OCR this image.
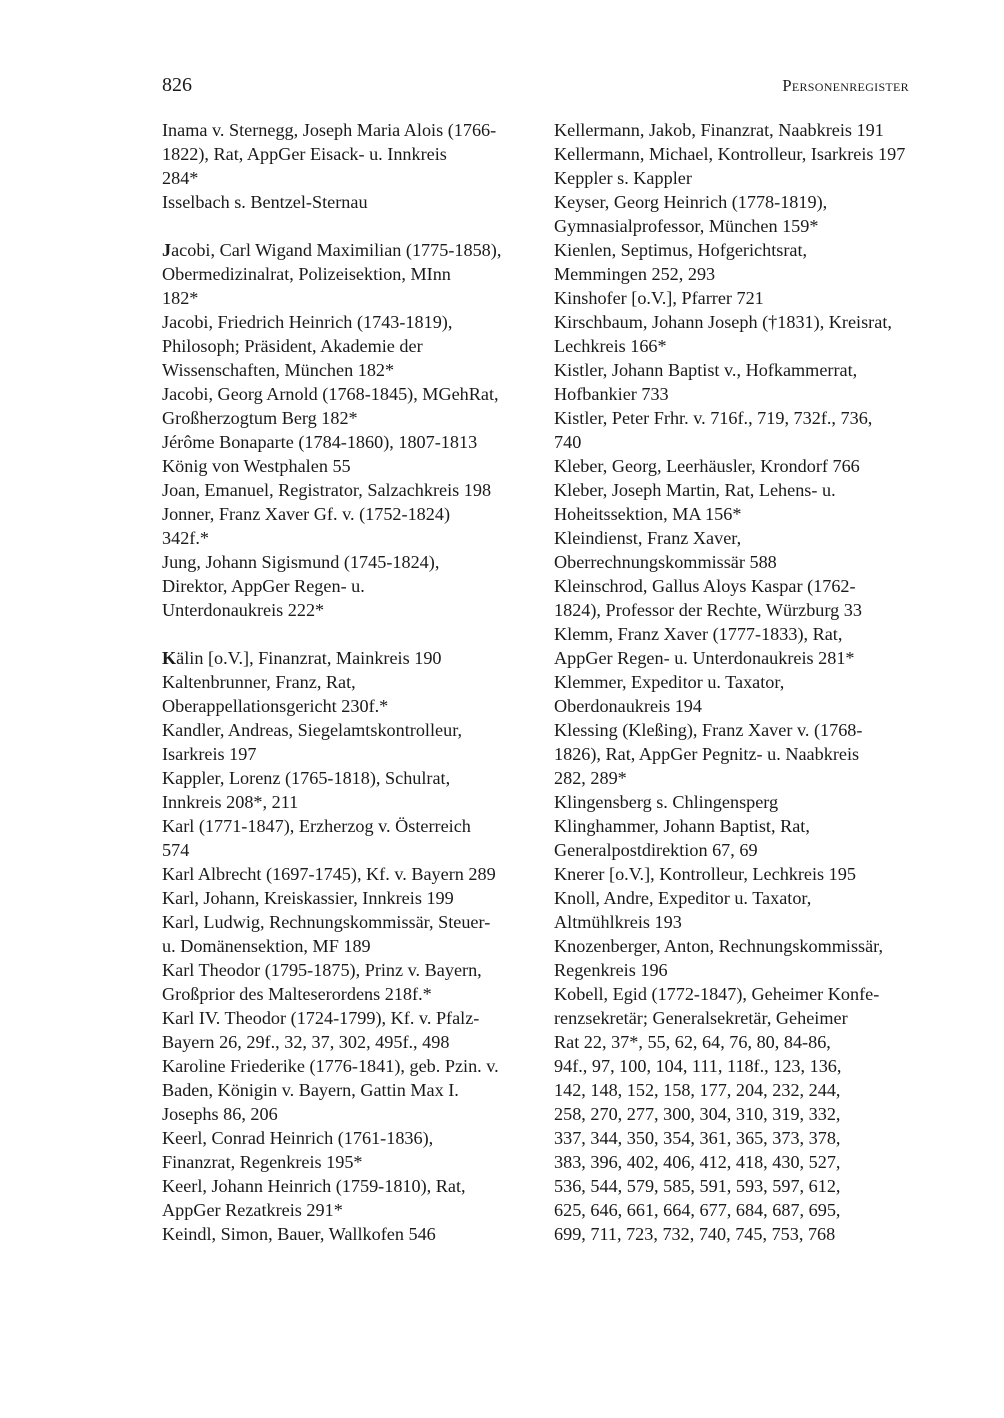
826	Personenregister
Inama v. Sternegg, Joseph Maria Alois (1766-
1822), Rat, AppGer Eisack- u. Innkreis
284*
Isselbach s. Bentzel-Sternau
Jacobi, Carl Wigand Maximilian (1775-1858),
Obermedizinalrat, Polizeisektion, MInn
182*
Jacobi, Friedrich Heinrich (1743-1819),
Philosoph; Präsident, Akademie der
Wissenschaften, München 182*
Jacobi, Georg Arnold (1768-1845), MGehRat,
Großherzogtum Berg 182*
Jérôme Bonaparte (1784-1860), 1807-1813
König von Westphalen 55
Joan, Emanuel, Registrator, Salzachkreis 198
Jonner, Franz Xaver Gf. v. (1752-1824)
342f.*
Jung, Johann Sigismund (1745-1824),
Direktor, AppGer Regen- u.
Unterdonaukreis 222*
Kälin [o.V.], Finanzrat, Mainkreis 190
Kaltenbrunner, Franz, Rat,
Oberappellationsgericht 230f.*
Kandler, Andreas, Siegelamtskontrolleur,
Isarkreis 197
Kappler, Lorenz (1765-1818), Schulrat,
Innkreis 208*, 211
Karl (1771-1847), Erzherzog v. Österreich
574
Karl Albrecht (1697-1745), Kf. v. Bayern 289
Karl, Johann, Kreiskassier, Innkreis 199
Karl, Ludwig, Rechnungskommissär, Steuer-
u. Domänensektion, MF 189
Karl Theodor (1795-1875), Prinz v. Bayern,
Großprior des Malteserordens 218f.*
Karl IV. Theodor (1724-1799), Kf. v. Pfalz-
Bayern 26, 29f., 32, 37, 302, 495f., 498
Karoline Friederike (1776-1841), geb. Pzin. v.
Baden, Königin v. Bayern, Gattin Max I.
Josephs 86, 206
Keerl, Conrad Heinrich (1761-1836),
Finanzrat, Regenkreis 195*
Keerl, Johann Heinrich (1759-1810), Rat,
AppGer Rezatkreis 291*
Keindl, Simon, Bauer, Wallkofen 546
Kellermann, Jakob, Finanzrat, Naabkreis 191
Kellermann, Michael, Kontrolleur, Isarkreis 197
Keppler s. Kappler
Keyser, Georg Heinrich (1778-1819),
Gymnasialprofessor, München 159*
Kienlen, Septimus, Hofgerichtsrat,
Memmingen 252, 293
Kinshofer [o.V.], Pfarrer 721
Kirschbaum, Johann Joseph (†1831), Kreisrat,
Lechkreis 166*
Kistler, Johann Baptist v., Hofkammerrat,
Hofbankier 733
Kistler, Peter Frhr. v. 716f., 719, 732f., 736,
740
Kleber, Georg, Leerhäusler, Krondorf 766
Kleber, Joseph Martin, Rat, Lehens- u.
Hoheitssektion, MA 156*
Kleindienst, Franz Xaver,
Oberrechnungskommissär 588
Kleinschrod, Gallus Aloys Kaspar (1762-
1824), Professor der Rechte, Würzburg 33
Klemm, Franz Xaver (1777-1833), Rat,
AppGer Regen- u. Unterdonaukreis 281*
Klemmer, Expeditor u. Taxator,
Oberdonaukreis 194
Klessing (Kleßing), Franz Xaver v. (1768-
1826), Rat, AppGer Pegnitz- u. Naabkreis
282, 289*
Klingensberg s. Chlingensperg
Klinghammer, Johann Baptist, Rat,
Generalpostdirektion 67, 69
Knerer [o.V.], Kontrolleur, Lechkreis 195
Knoll, Andre, Expeditor u. Taxator,
Altmühlkreis 193
Knozenberger, Anton, Rechnungskommissär,
Regenkreis 196
Kobell, Egid (1772-1847), Geheimer Konfe-
renzsekretär; Generalsekretär, Geheimer
Rat 22, 37*, 55, 62, 64, 76, 80, 84-86,
94f., 97, 100, 104, 111, 118f., 123, 136,
142, 148, 152, 158, 177, 204, 232, 244,
258, 270, 277, 300, 304, 310, 319, 332,
337, 344, 350, 354, 361, 365, 373, 378,
383, 396, 402, 406, 412, 418, 430, 527,
536, 544, 579, 585, 591, 593, 597, 612,
625, 646, 661, 664, 677, 684, 687, 695,
699, 711, 723, 732, 740, 745, 753, 768
